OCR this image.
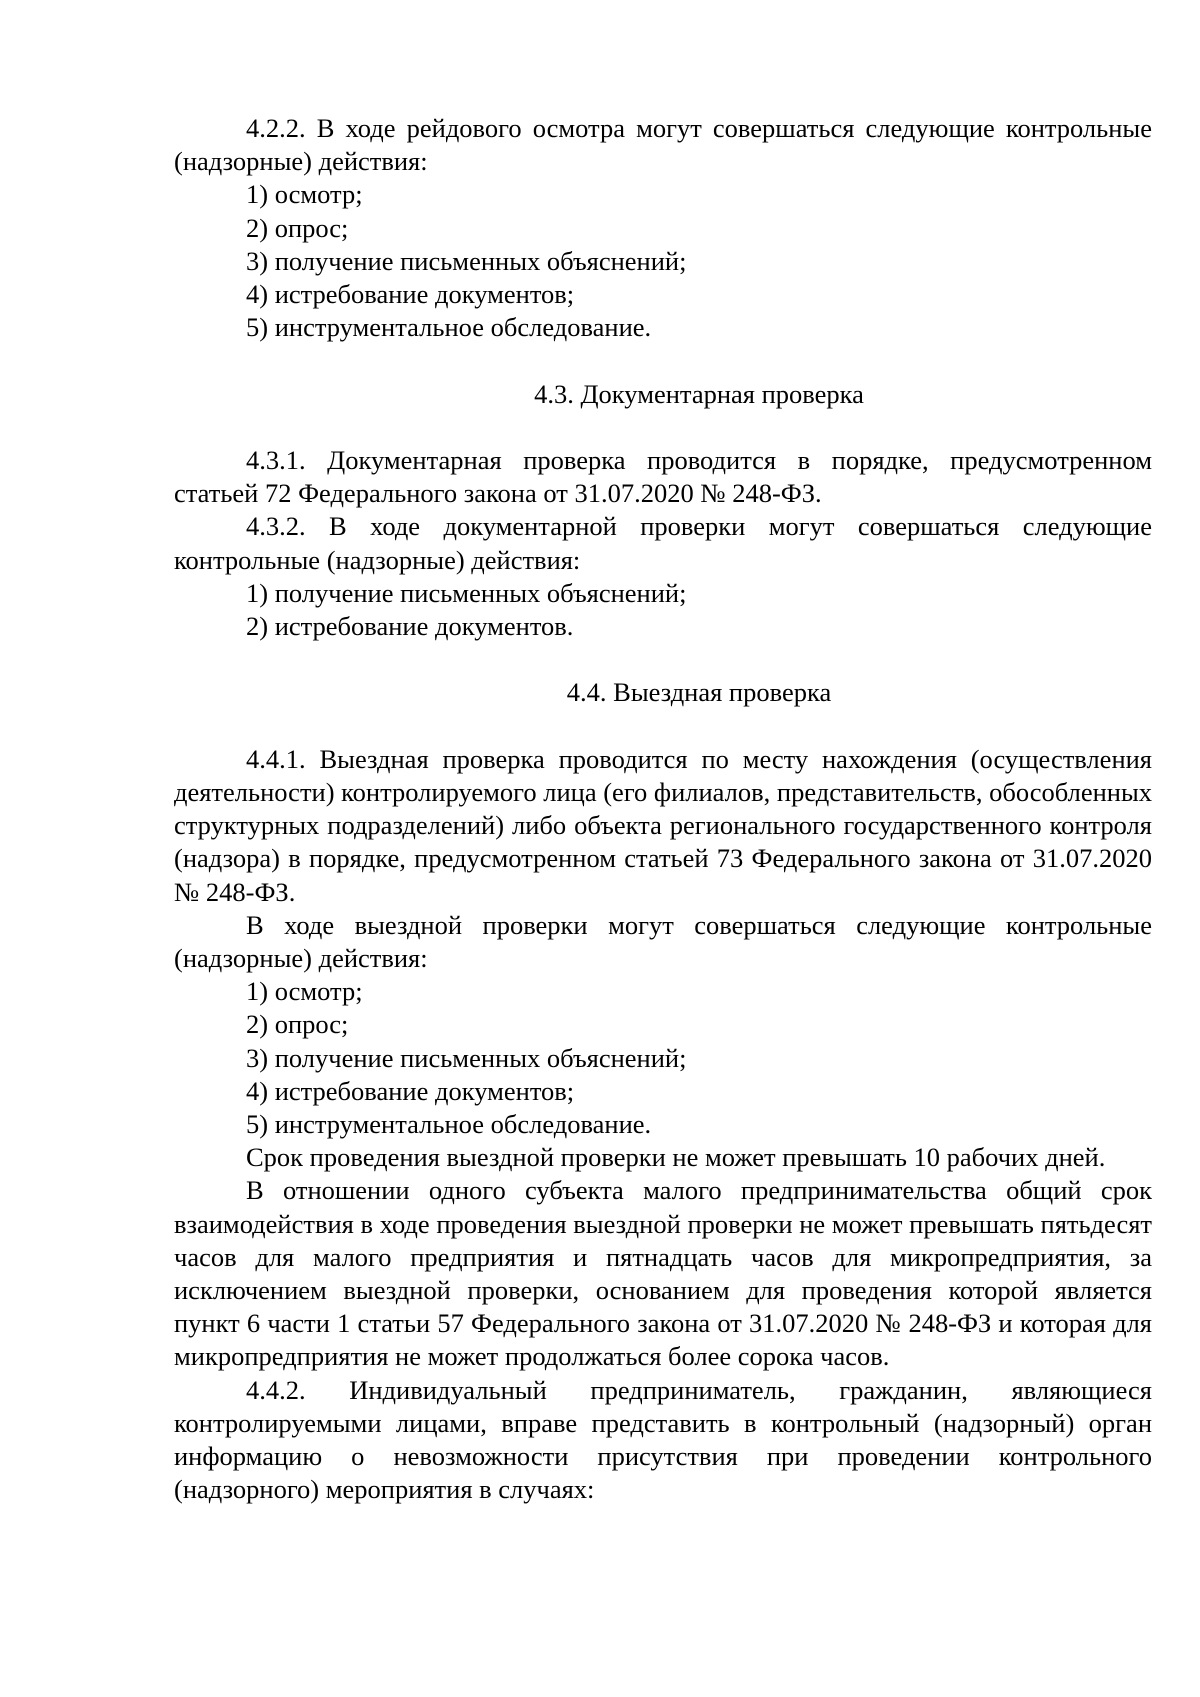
4.2.2. В ходе рейдового осмотра могут совершаться следующие контрольные (надзорные) действия:

1) осмотр;

2) опрос;

3) получение письменных объяснений;

4) истребование документов;

5) инструментальное обследование.

4.3. Документарная проверка

4.3.1. Документарная проверка проводится в порядке, предусмотренном статьей 72 Федерального закона от 31.07.2020 № 248-ФЗ.

4.3.2. В ходе документарной проверки могут совершаться следующие контрольные (надзорные) действия:

1) получение письменных объяснений;

2) истребование документов.

4.4. Выездная проверка

4.4.1. Выездная проверка проводится по месту нахождения (осуществления деятельности) контролируемого лица (его филиалов, представительств, обособленных структурных подразделений) либо объекта регионального государственного контроля (надзора) в порядке, предусмотренном статьей 73 Федерального закона от 31.07.2020 № 248-ФЗ.

В ходе выездной проверки могут совершаться следующие контрольные (надзорные) действия:

1) осмотр;

2) опрос;

3) получение письменных объяснений;

4) истребование документов;

5) инструментальное обследование.

Срок проведения выездной проверки не может превышать 10 рабочих дней.

В отношении одного субъекта малого предпринимательства общий срок взаимодействия в ходе проведения выездной проверки не может превышать пятьдесят часов для малого предприятия и пятнадцать часов для микропредприятия, за исключением выездной проверки, основанием для проведения которой является пункт 6 части 1 статьи 57 Федерального закона от 31.07.2020 № 248-ФЗ и которая для микропредприятия не может продолжаться более сорока часов.

4.4.2. Индивидуальный предприниматель, гражданин, являющиеся контролируемыми лицами, вправе представить в контрольный (надзорный) орган информацию о невозможности присутствия при проведении контрольного (надзорного) мероприятия в случаях:
